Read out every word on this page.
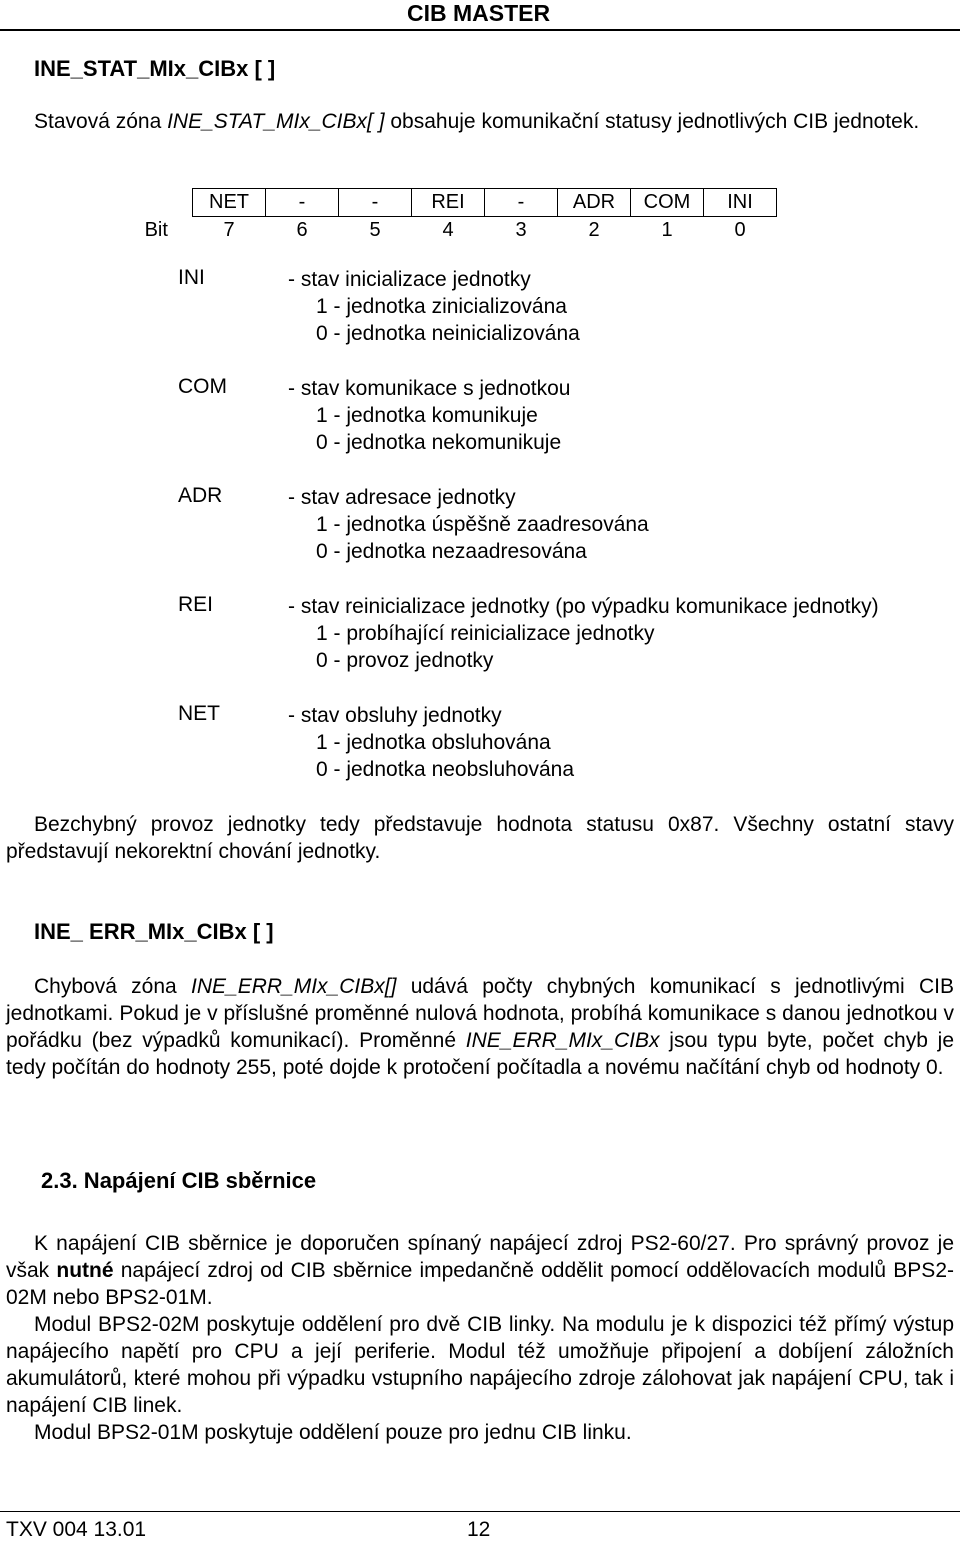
CIB MASTER
INE_STAT_MIx_CIBx [ ]
Stavová zóna INE_STAT_MIx_CIBx[ ] obsahuje komunikační statusy jednotlivých CIB jednotek.
	NET	-	-	REI	-	ADR	COM	INI
Bit	7	6	5	4	3	2	1	0
INI	- stav inicializace jednotky
1 - jednotka zinicializována
0 - jednotka neinicializována
COM	- stav komunikace s jednotkou
1 - jednotka komunikuje
0 - jednotka nekomunikuje
ADR	- stav adresace jednotky
1 - jednotka úspěšně zaadresována
0 - jednotka nezaadresována
REI	- stav reinicializace jednotky (po výpadku komunikace jednotky)
1 - probíhající reinicializace jednotky
0 - provoz jednotky
NET	- stav obsluhy jednotky
1 - jednotka obsluhována
0 - jednotka neobsluhována
Bezchybný provoz jednotky tedy představuje hodnota statusu 0x87. Všechny ostatní stavy představují nekorektní chování jednotky.
INE_ ERR_MIx_CIBx [ ]
Chybová zóna INE_ERR_MIx_CIBx[] udává počty chybných komunikací s jednotlivými CIB jednotkami. Pokud je v příslušné proměnné nulová hodnota, probíhá komunikace s danou jednotkou v pořádku (bez výpadků komunikací). Proměnné INE_ERR_MIx_CIBx jsou typu byte, počet chyb je tedy počítán do hodnoty 255, poté dojde k protočení počítadla a novému načítání chyb od hodnoty 0.
2.3. Napájení CIB sběrnice
K napájení CIB sběrnice je doporučen spínaný napájecí zdroj PS2-60/27. Pro správný provoz je však nutné napájecí zdroj od CIB sběrnice impedančně oddělit pomocí oddělovacích modulů BPS2-02M nebo BPS2-01M.
Modul BPS2-02M poskytuje oddělení pro dvě CIB linky. Na modulu je k dispozici též přímý výstup napájecího napětí pro CPU a její periferie. Modul též umožňuje připojení a dobíjení záložních akumulátorů, které mohou při výpadku vstupního napájecího zdroje zálohovat jak napájení CPU, tak i napájení CIB linek.
Modul BPS2-01M poskytuje oddělení pouze pro jednu CIB linku.
TXV 004 13.01	12
